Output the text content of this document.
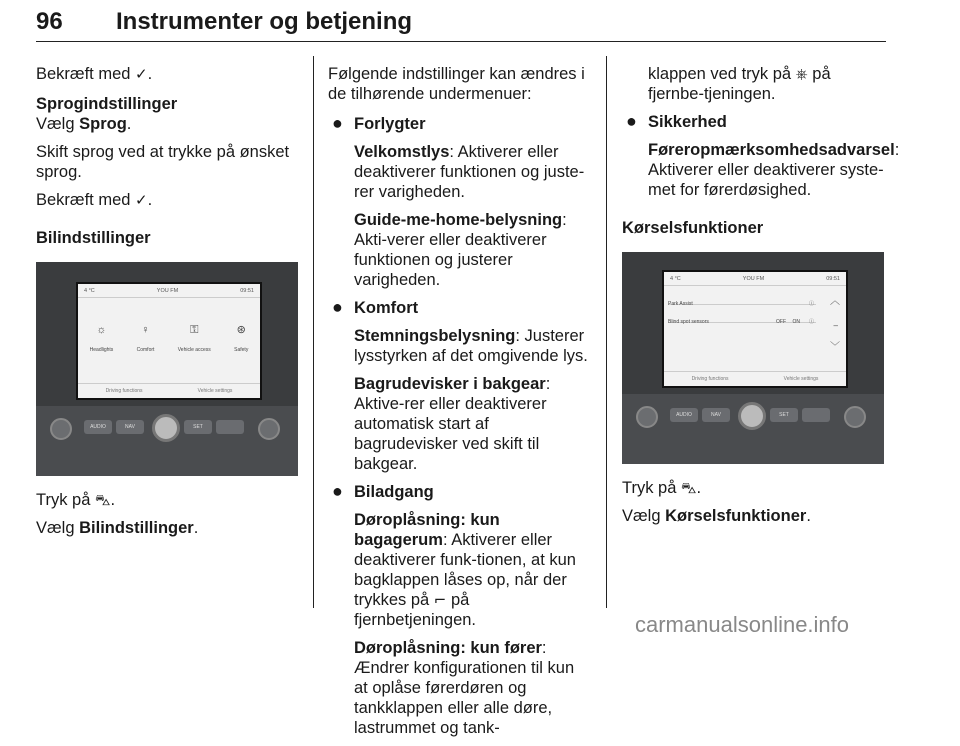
96 Instrumenter og betjening

Bekræft med ✓.

Sprogindstillinger

Vælg Sprog.

Skift sprog ved at trykke på ønsket sprog.

Bekræft med ✓.

Bilindstillinger

4 °C	YOU FM	09:51
☼
Headlights
♀
Comfort
⚿
Vehicle access
⊛
Safety
Driving functions	Vehicle settings
AUDIO	NAV	SET

Tryk på ⛍.

Vælg Bilindstillinger.

Følgende indstillinger kan ændres i de tilhørende undermenuer:

● Forlygter

Velkomstlys: Aktiverer eller deaktiverer funktionen og juste-rer varigheden.

Guide-me-home-belysning: Akti-verer eller deaktiverer funktionen og justerer varigheden.

● Komfort

Stemningsbelysning: Justerer lysstyrken af det omgivende lys.

Bagrudevisker i bakgear: Aktive-rer eller deaktiverer automatisk start af bagrudevisker ved skift til bakgear.

● Biladgang

Døroplåsning: kun bagagerum: Aktiverer eller deaktiverer funk-tionen, at kun bagklappen låses op, når der trykkes på ⌐ på fjernbetjeningen.

Døroplåsning: kun fører: Ændrer konfigurationen til kun at oplåse førerdøren og tankklappen eller alle døre, lastrummet og tank-

klappen ved tryk på ⎈ på fjernbe-tjeningen.

● Sikkerhed

Føreropmærksomhedsadvarsel: Aktiverer eller deaktiverer syste-met for førerdøsighed.

Kørselsfunktioner

4 °C	YOU FM	09:51
Park Assist	ⓘ
Blind spot sensors	OFF ON ⓘ
︿
–
﹀
Driving functions	Vehicle settings
AUDIO	NAV	SET

Tryk på ⛍.

Vælg Kørselsfunktioner.

carmanualsonline.info
